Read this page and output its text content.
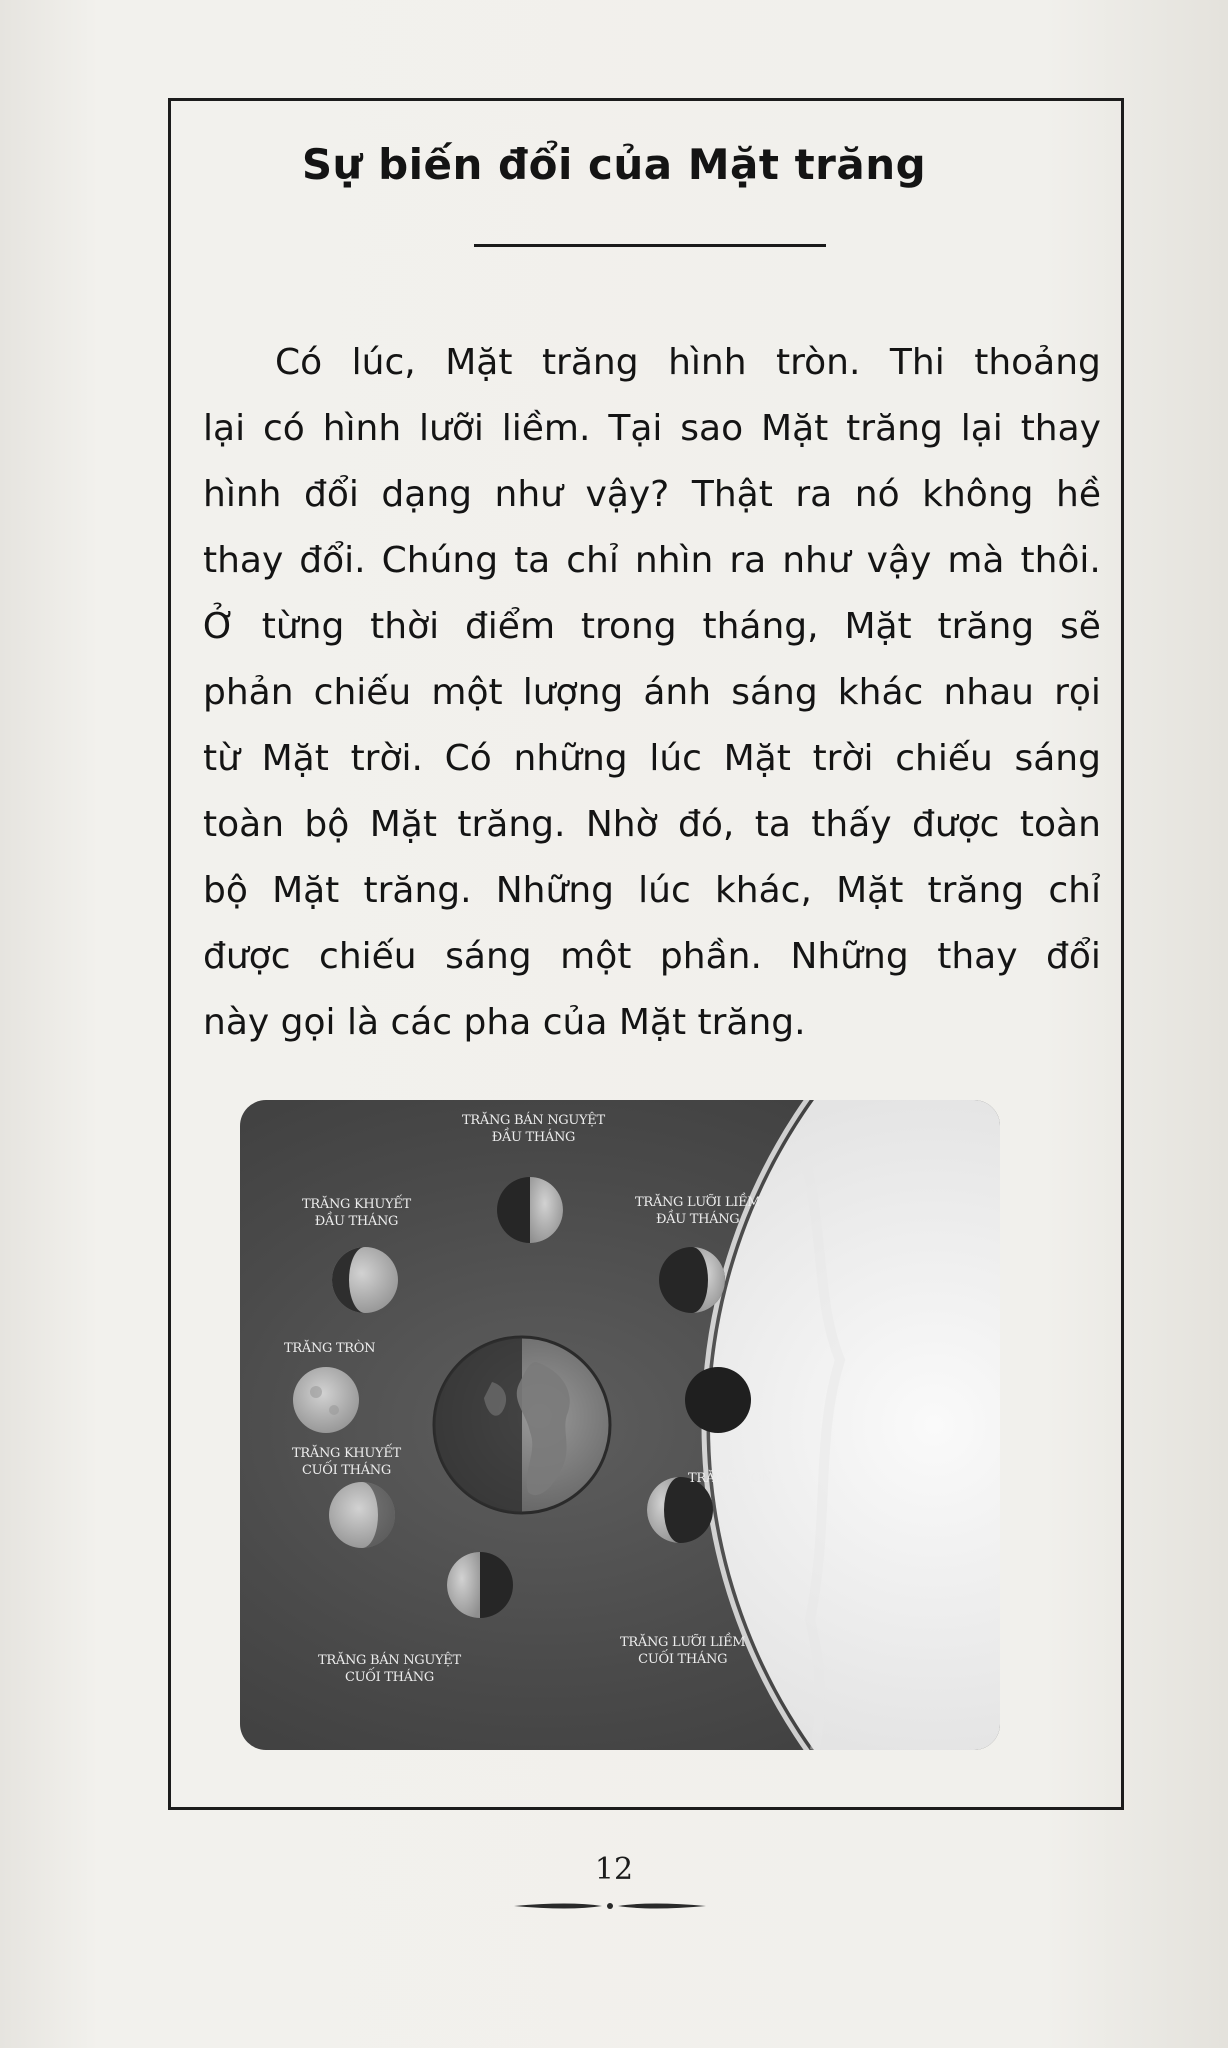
Sự biến đổi của Mặt trăng
Có lúc, Mặt trăng hình tròn. Thi thoảng
lại có hình lưỡi liềm. Tại sao Mặt trăng lại thay
hình đổi dạng như vậy? Thật ra nó không hề
thay đổi. Chúng ta chỉ nhìn ra như vậy mà thôi.
Ở từng thời điểm trong tháng, Mặt trăng sẽ
phản chiếu một lượng ánh sáng khác nhau rọi
từ Mặt trời. Có những lúc Mặt trời chiếu sáng
toàn bộ Mặt trăng. Nhờ đó, ta thấy được toàn
bộ Mặt trăng. Những lúc khác, Mặt trăng chỉ
được chiếu sáng một phần. Những thay đổi
này gọi là các pha của Mặt trăng.
TRĂNG BÁN NGUYỆT
ĐẦU THÁNG
TRĂNG LƯỠI LIỀM
ĐẦU THÁNG
TRĂNG KHUYẾT
ĐẦU THÁNG
TRĂNG TRÒN
TRĂNG NON
TRĂNG KHUYẾT
CUỐI THÁNG
TRĂNG BÁN NGUYỆT
CUỐI THÁNG
TRĂNG LƯỠI LIỀM
CUỐI THÁNG
12
